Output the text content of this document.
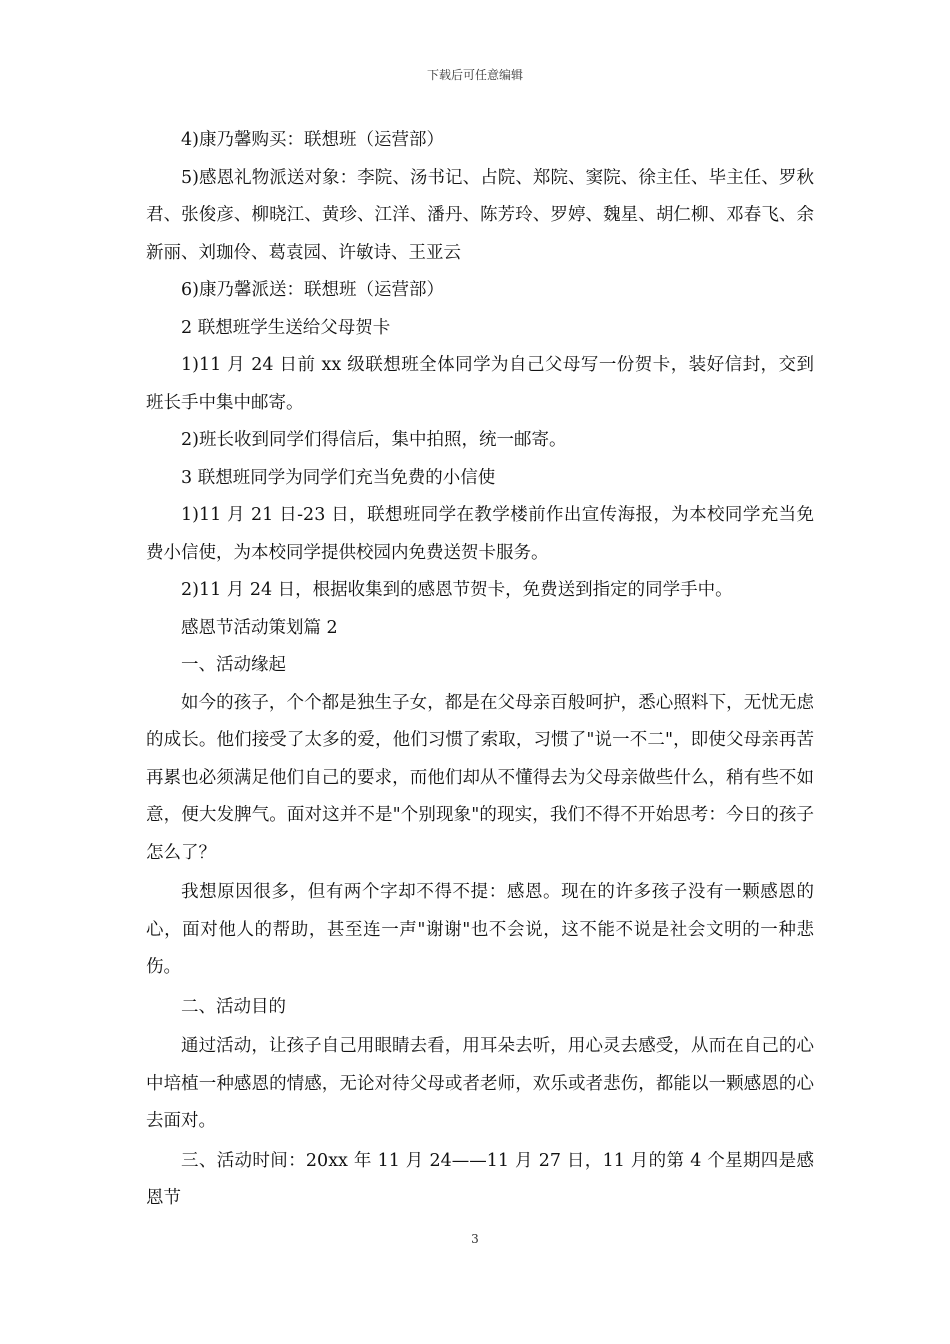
下载后可任意编辑

4)康乃馨购买：联想班（运营部）

5)感恩礼物派送对象：李院、汤书记、占院、郑院、窦院、徐主任、毕主任、罗秋君、张俊彦、柳晓江、黄珍、江洋、潘丹、陈芳玲、罗婷、魏星、胡仁柳、邓春飞、余新丽、刘珈伶、葛袁园、许敏诗、王亚云

6)康乃馨派送：联想班（运营部）

2 联想班学生送给父母贺卡

1)11 月 24 日前 xx 级联想班全体同学为自己父母写一份贺卡，装好信封，交到班长手中集中邮寄。

2)班长收到同学们得信后，集中拍照，统一邮寄。

3 联想班同学为同学们充当免费的小信使

1)11 月 21 日-23 日，联想班同学在教学楼前作出宣传海报，为本校同学充当免费小信使，为本校同学提供校园内免费送贺卡服务。

2)11 月 24 日，根据收集到的感恩节贺卡，免费送到指定的同学手中。

感恩节活动策划篇 2

一、活动缘起

如今的孩子，个个都是独生子女，都是在父母亲百般呵护，悉心照料下，无忧无虑的成长。他们接受了太多的爱，他们习惯了索取，习惯了"说一不二"，即使父母亲再苦再累也必须满足他们自己的要求，而他们却从不懂得去为父母亲做些什么，稍有些不如意，便大发脾气。面对这并不是"个别现象"的现实，我们不得不开始思考：今日的孩子怎么了？

我想原因很多，但有两个字却不得不提：感恩。现在的许多孩子没有一颗感恩的心，面对他人的帮助，甚至连一声"谢谢"也不会说，这不能不说是社会文明的一种悲伤。

二、活动目的

通过活动，让孩子自己用眼睛去看，用耳朵去听，用心灵去感受，从而在自己的心中培植一种感恩的情感，无论对待父母或者老师，欢乐或者悲伤，都能以一颗感恩的心去面对。

三、活动时间：20xx 年 11 月 24——11 月 27 日，11 月的第 4 个星期四是感恩节

3
